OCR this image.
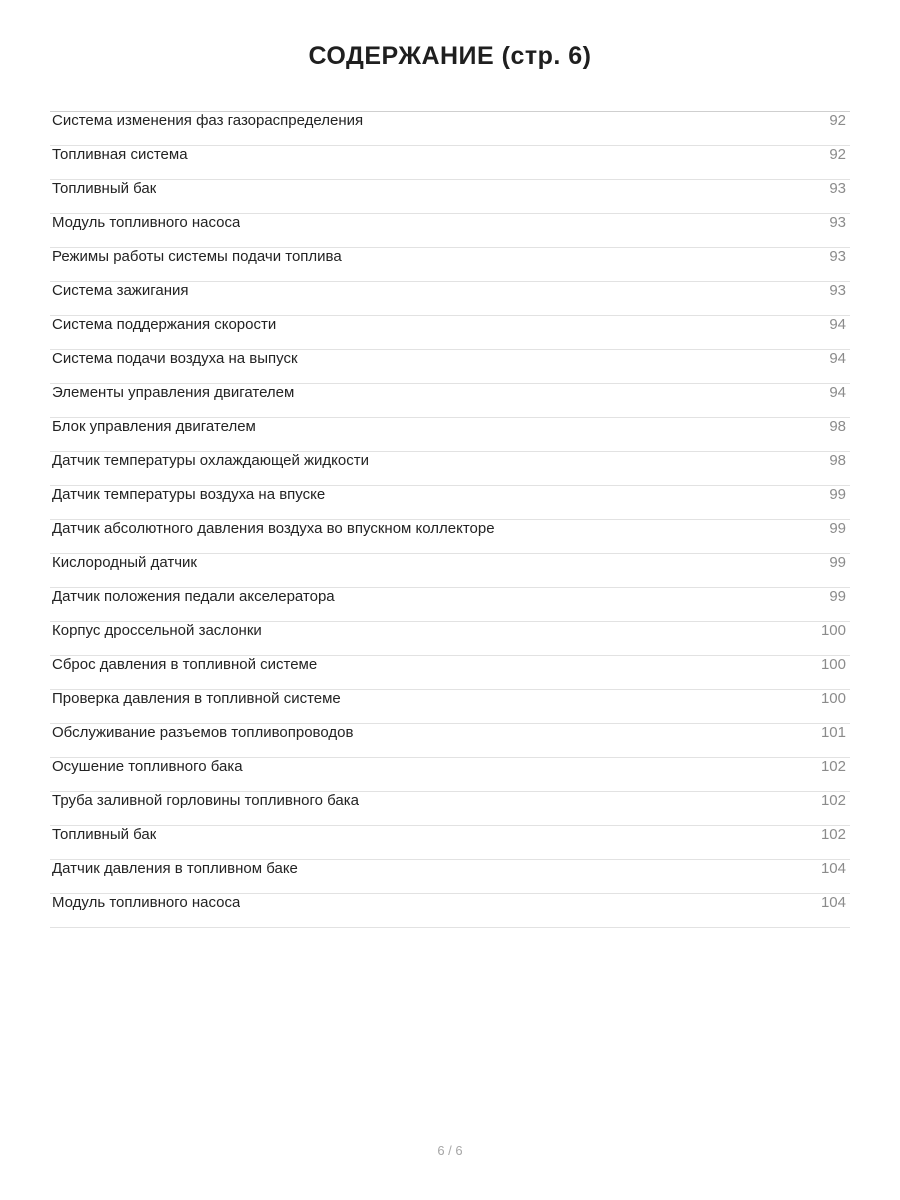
СОДЕРЖАНИЕ (стр. 6)
Система изменения фаз газораспределения	92
Топливная система	92
Топливный бак	93
Модуль топливного насоса	93
Режимы работы системы подачи топлива	93
Система зажигания	93
Система поддержания скорости	94
Система подачи воздуха на выпуск	94
Элементы управления двигателем	94
Блок управления двигателем	98
Датчик температуры охлаждающей жидкости	98
Датчик температуры воздуха на впуске	99
Датчик абсолютного давления воздуха во впускном коллекторе	99
Кислородный датчик	99
Датчик положения педали акселератора	99
Корпус дроссельной заслонки	100
Сброс давления в топливной системе	100
Проверка давления в топливной системе	100
Обслуживание разъемов топливопроводов	101
Осушение топливного бака	102
Труба заливной горловины топливного бака	102
Топливный бак	102
Датчик давления в топливном баке	104
Модуль топливного насоса	104
6 / 6
